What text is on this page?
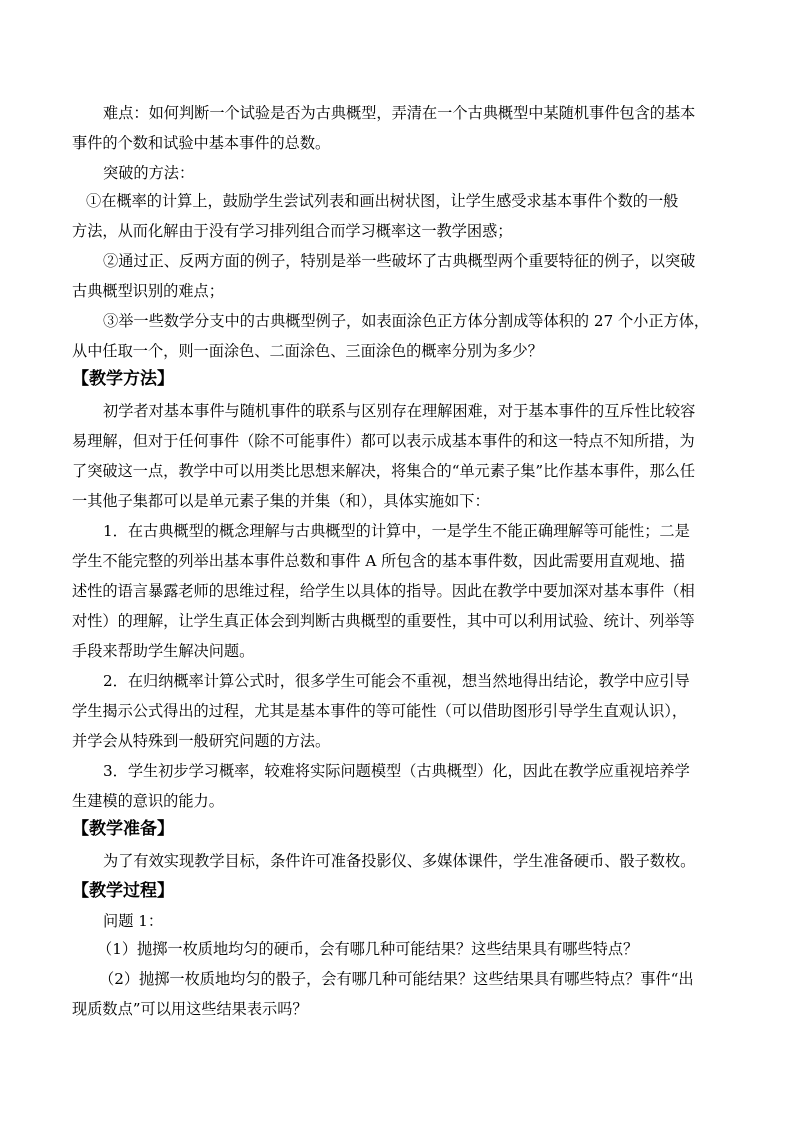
难点：如何判断一个试验是否为古典概型，弄清在一个古典概型中某随机事件包含的基本
事件的个数和试验中基本事件的总数。
突破的方法：
①在概率的计算上，鼓励学生尝试列表和画出树状图，让学生感受求基本事件个数的一般
方法，从而化解由于没有学习排列组合而学习概率这一教学困惑；
②通过正、反两方面的例子，特别是举一些破坏了古典概型两个重要特征的例子，以突破
古典概型识别的难点；
③举一些数学分支中的古典概型例子，如表面涂色正方体分割成等体积的 27 个小正方体，
从中任取一个，则一面涂色、二面涂色、三面涂色的概率分别为多少？
【教学方法】
初学者对基本事件与随机事件的联系与区别存在理解困难，对于基本事件的互斥性比较容
易理解，但对于任何事件（除不可能事件）都可以表示成基本事件的和这一特点不知所措，为
了突破这一点，教学中可以用类比思想来解决，将集合的“单元素子集”比作基本事件，那么任
一其他子集都可以是单元素子集的并集（和），具体实施如下：
1．在古典概型的概念理解与古典概型的计算中，一是学生不能正确理解等可能性；二是
学生不能完整的列举出基本事件总数和事件 A 所包含的基本事件数，因此需要用直观地、描
述性的语言暴露老师的思维过程，给学生以具体的指导。因此在教学中要加深对基本事件（相
对性）的理解，让学生真正体会到判断古典概型的重要性，其中可以利用试验、统计、列举等
手段来帮助学生解决问题。
2．在归纳概率计算公式时，很多学生可能会不重视，想当然地得出结论，教学中应引导
学生揭示公式得出的过程，尤其是基本事件的等可能性（可以借助图形引导学生直观认识），
并学会从特殊到一般研究问题的方法。
3．学生初步学习概率，较难将实际问题模型（古典概型）化，因此在教学应重视培养学
生建模的意识的能力。
【教学准备】
为了有效实现教学目标，条件许可准备投影仪、多媒体课件，学生准备硬币、骰子数枚。
【教学过程】
问题 1：
（1）抛掷一枚质地均匀的硬币，会有哪几种可能结果？这些结果具有哪些特点？
（2）抛掷一枚质地均匀的骰子，会有哪几种可能结果？这些结果具有哪些特点？事件“出
现质数点”可以用这些结果表示吗？
